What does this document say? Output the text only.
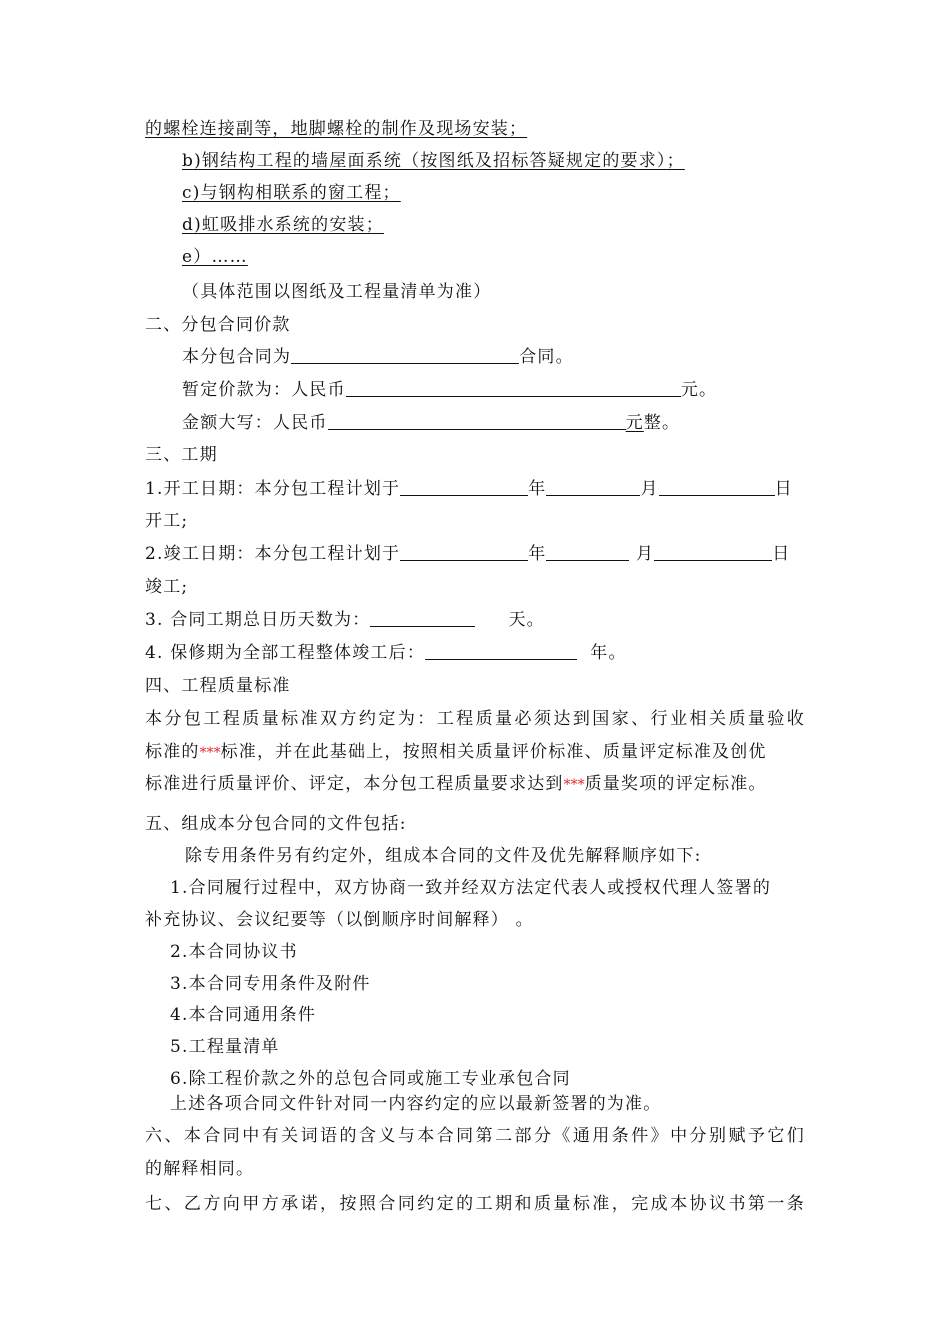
的螺栓连接副等，地脚螺栓的制作及现场安装；
b)钢结构工程的墙屋面系统（按图纸及招标答疑规定的要求）；
c)与钢构相联系的窗工程；
d)虹吸排水系统的安装；
e）……
（具体范围以图纸及工程量清单为准）
二、分包合同价款
本分包合同为	合同。
暂定价款为：人民币	元。
金额大写：人民币	元整。
三、工期
1.开工日期：本分包工程计划于	年	月	日
开工;
2.竣工日期：本分包工程计划于	年	月	日
竣工;
3. 合同工期总日历天数为：	天。
4. 保修期为全部工程整体竣工后：	年。
四、工程质量标准
本分包工程质量标准双方约定为：工程质量必须达到国家、行业相关质量验收
标准的***标准，并在此基础上，按照相关质量评价标准、质量评定标准及创优
标准进行质量评价、评定，本分包工程质量要求达到***质量奖项的评定标准。
五、组成本分包合同的文件包括:
除专用条件另有约定外，组成本合同的文件及优先解释顺序如下:
1.合同履行过程中，双方协商一致并经双方法定代表人或授权代理人签署的
补充协议、会议纪要等（以倒顺序时间解释） 。
2.本合同协议书
3.本合同专用条件及附件
4.本合同通用条件
5.工程量清单
6.除工程价款之外的总包合同或施工专业承包合同
上述各项合同文件针对同一内容约定的应以最新签署的为准。
六、本合同中有关词语的含义与本合同第二部分《通用条件》中分别赋予它们
的解释相同。
七、乙方向甲方承诺，按照合同约定的工期和质量标准，完成本协议书第一条
